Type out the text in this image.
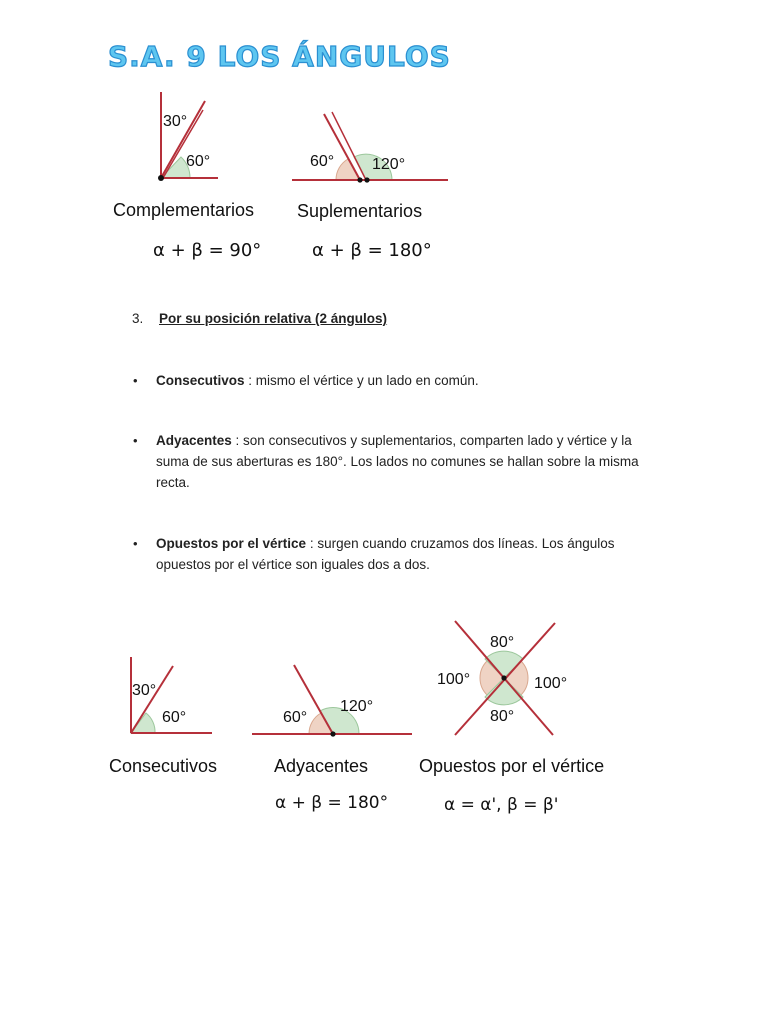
S.A. 9 LOS ÁNGULOS
30°
60°
Complementarios
α + β = 90°
60° 120°
Suplementarios
α + β = 180°
30°
60°
Consecutivos
60°
120°
Adyacentes
α + β = 180°
80°
80°
100°	100°
Opuestos por el vértice
α = α', β = β'
3. Por su posición relativa (2 ángulos)
• Consecutivos : mismo el vértice y un lado en común.
• Adyacentes : son consecutivos y suplementarios, comparten lado y vértice y la suma de sus aberturas es 180°. Los lados no comunes se hallan sobre la misma recta.
• Opuestos por el vértice : surgen cuando cruzamos dos líneas. Los ángulos opuestos por el vértice son iguales dos a dos.
